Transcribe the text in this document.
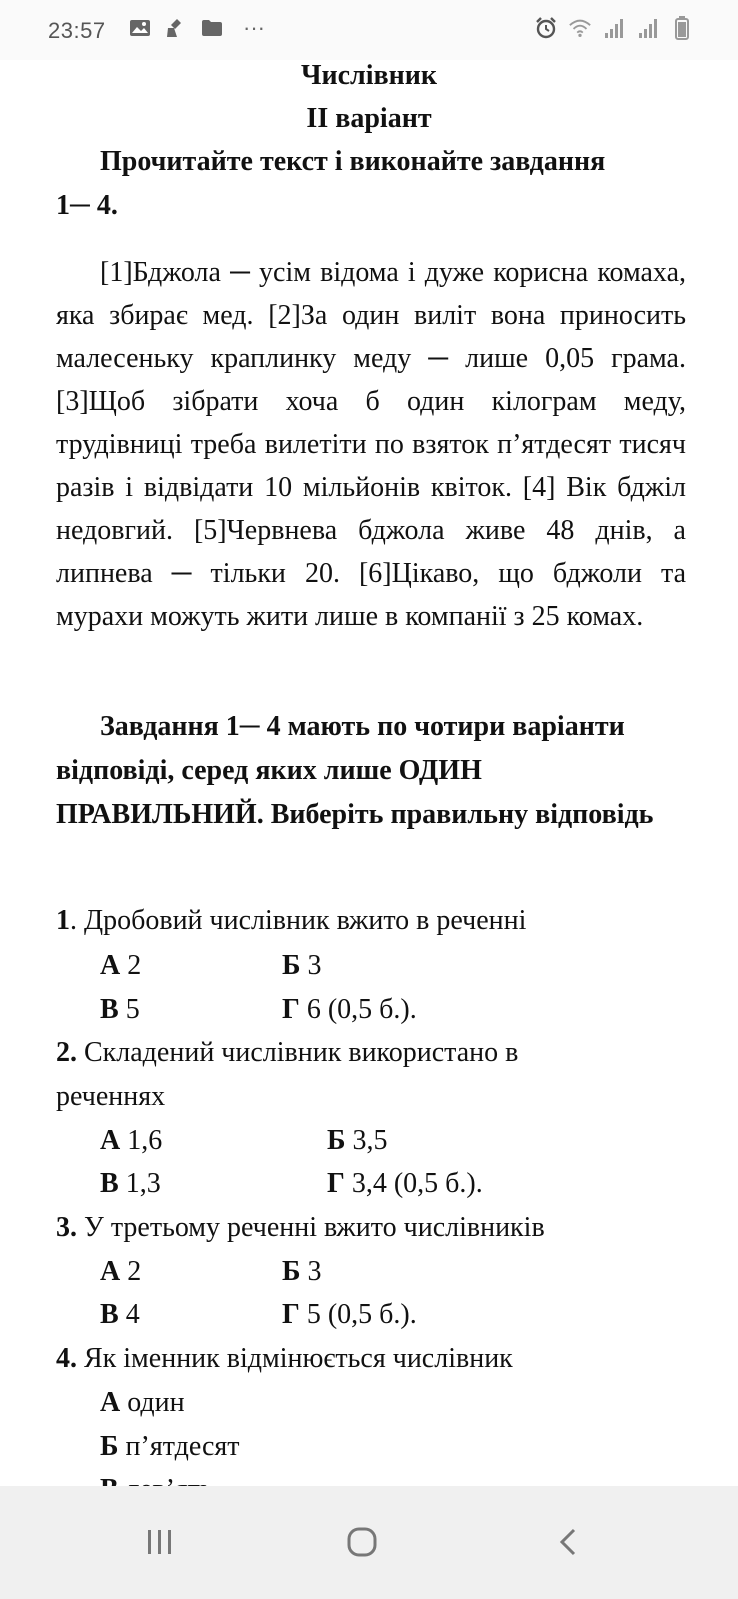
23:57	···
Числівник
ІІ варіант
Прочитайте текст і виконайте завдання
1─ 4.
[1]Бджола ─ усім відома і дуже корисна комаха, яка збирає мед. [2]За один виліт вона приносить малесеньку краплинку меду ─ лише 0,05 грама. [3]Щоб зібрати хоча б один кілограм меду, трудівниці треба вилетіти по взяток п’ятдесят тисяч разів і відвідати 10 мільйонів квіток. [4] Вік бджіл недовгий. [5]Червнева бджола живе 48 днів, а липнева ─ тільки 20. [6]Цікаво, що бджоли та мурахи можуть жити лише в компанії з 25 комах.
Завдання 1─ 4 мають по чотири варіанти відповіді, серед яких лише ОДИН ПРАВИЛЬНИЙ. Виберіть правильну відповідь
1. Дробовий числівник вжито в реченні
А 2	Б 3
В 5	Г 6 (0,5 б.).
2. Складений числівник використано в
реченнях
А 1,6	Б 3,5
В 1,3	Г 3,4 (0,5 б.).
3. У третьому реченні вжито числівників
А 2	Б 3
В 4	Г 5 (0,5 б.).
4. Як іменник відмінюється числівник
А один
Б п’ятдесят
